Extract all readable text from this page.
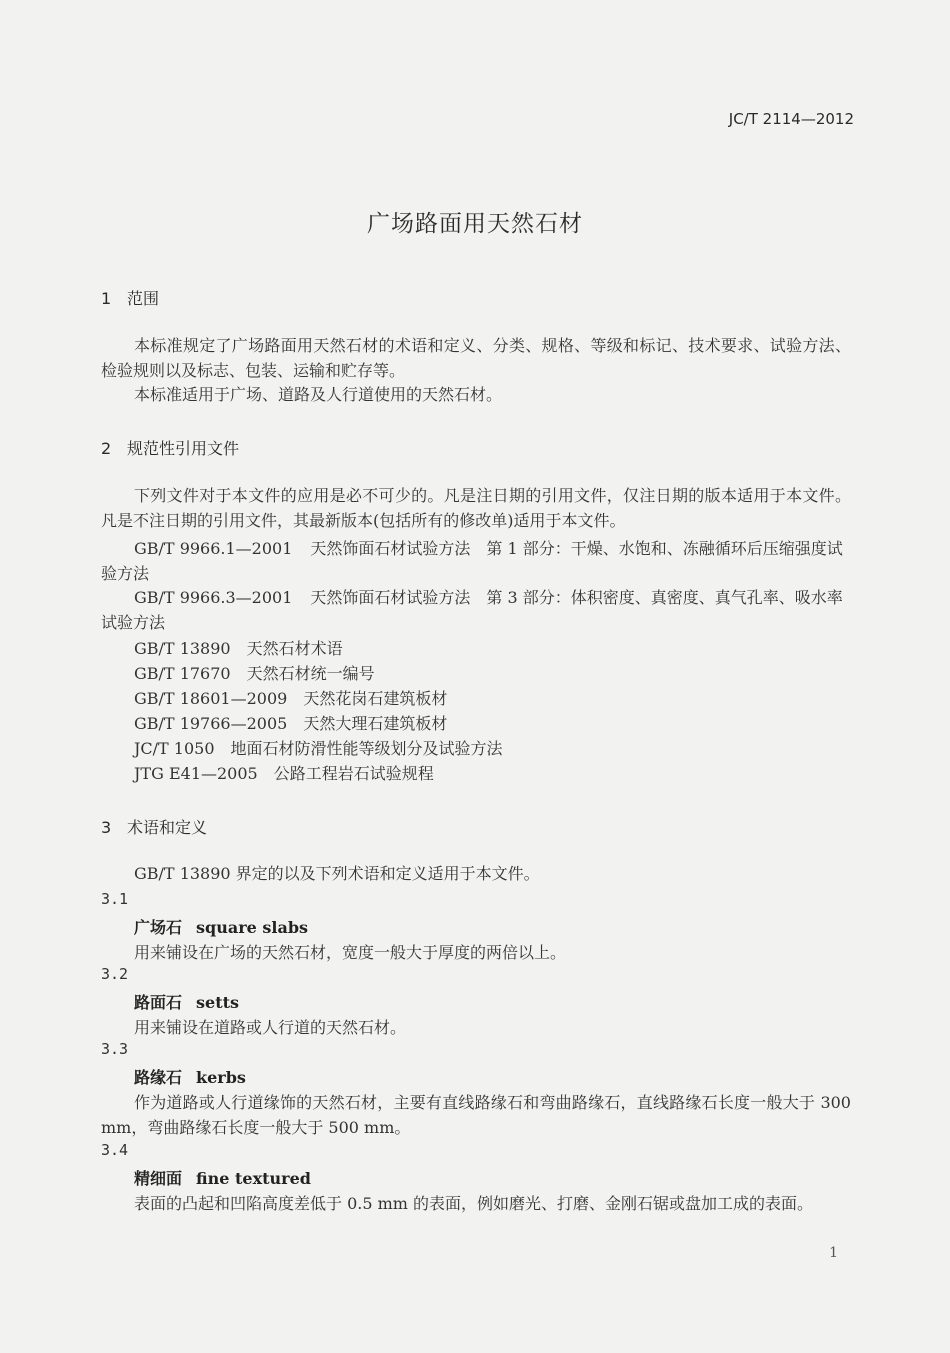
JC/T 2114—2012
广场路面用天然石材
1 范围
本标准规定了广场路面用天然石材的术语和定义、分类、规格、等级和标记、技术要求、试验方法、检验规则以及标志、包装、运输和贮存等。
本标准适用于广场、道路及人行道使用的天然石材。
2 规范性引用文件
下列文件对于本文件的应用是必不可少的。凡是注日期的引用文件，仅注日期的版本适用于本文件。凡是不注日期的引用文件，其最新版本(包括所有的修改单)适用于本文件。
GB/T 9966.1—2001 天然饰面石材试验方法　第 1 部分：干燥、水饱和、冻融循环后压缩强度试验方法
GB/T 9966.3—2001 天然饰面石材试验方法　第 3 部分：体积密度、真密度、真气孔率、吸水率试验方法
GB/T 13890 天然石材术语
GB/T 17670 天然石材统一编号
GB/T 18601—2009 天然花岗石建筑板材
GB/T 19766—2005 天然大理石建筑板材
JC/T 1050 地面石材防滑性能等级划分及试验方法
JTG E41—2005 公路工程岩石试验规程
3 术语和定义
GB/T 13890 界定的以及下列术语和定义适用于本文件。
3.1
广场石 square slabs
用来铺设在广场的天然石材，宽度一般大于厚度的两倍以上。
3.2
路面石 setts
用来铺设在道路或人行道的天然石材。
3.3
路缘石 kerbs
作为道路或人行道缘饰的天然石材，主要有直线路缘石和弯曲路缘石，直线路缘石长度一般大于 300 mm，弯曲路缘石长度一般大于 500 mm。
3.4
精细面 fine textured
表面的凸起和凹陷高度差低于 0.5 mm 的表面，例如磨光、打磨、金刚石锯或盘加工成的表面。
1
